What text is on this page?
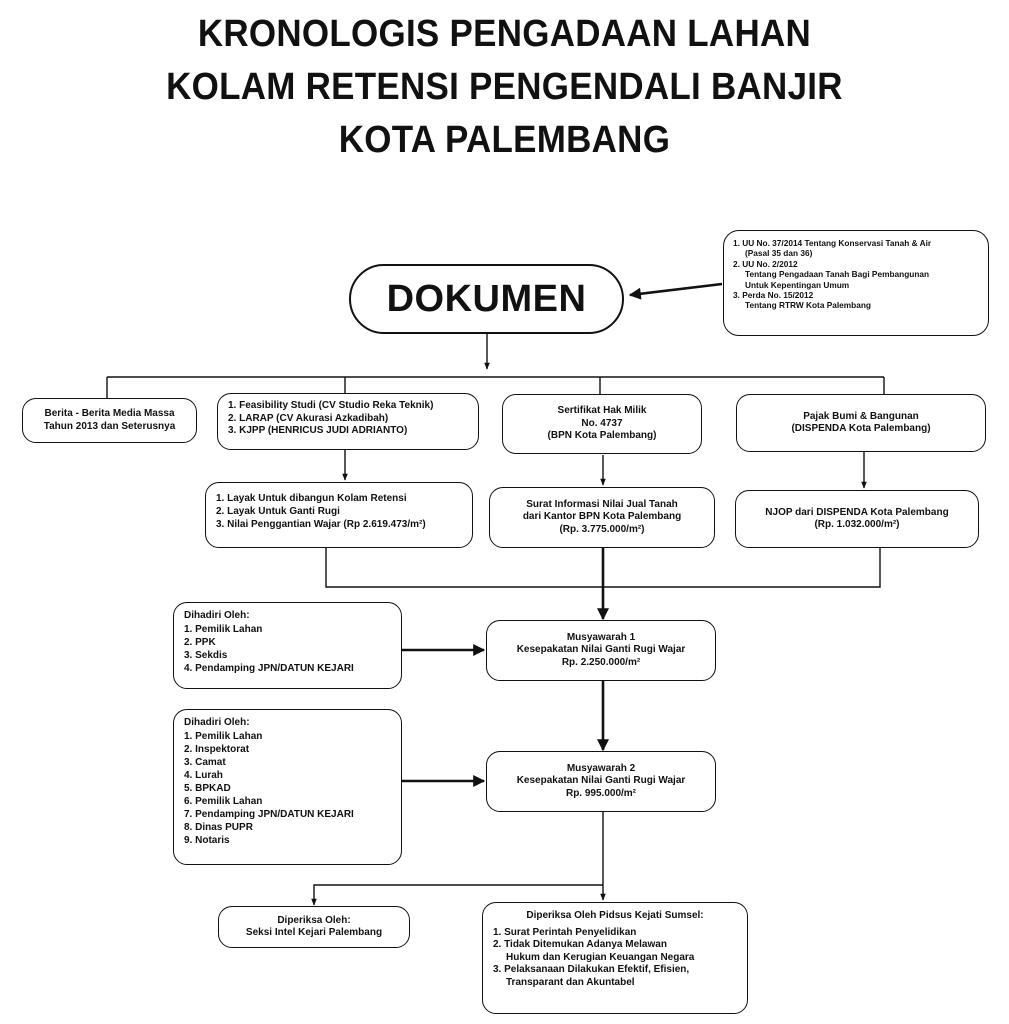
KRONOLOGIS PENGADAAN LAHAN
KOLAM RETENSI PENGENDALI BANJIR
KOTA PALEMBANG
DOKUMEN
1. UU No. 37/2014 Tentang Konservasi Tanah & Air
(Pasal 35 dan 36)
2. UU No. 2/2012
Tentang Pengadaan Tanah Bagi Pembangunan
Untuk Kepentingan Umum
3. Perda No. 15/2012
Tentang RTRW Kota Palembang
Berita - Berita Media Massa
Tahun 2013 dan Seterusnya
1. Feasibility Studi (CV Studio Reka Teknik)
2. LARAP (CV Akurasi Azkadibah)
3. KJPP (HENRICUS JUDI ADRIANTO)
Sertifikat Hak Milik
No. 4737
(BPN Kota Palembang)
Pajak Bumi & Bangunan
(DISPENDA Kota Palembang)
1. Layak Untuk dibangun Kolam Retensi
2. Layak Untuk Ganti Rugi
3. Nilai Penggantian Wajar (Rp 2.619.473/m²)
Surat Informasi Nilai Jual Tanah
dari Kantor BPN Kota Palembang
(Rp. 3.775.000/m²)
NJOP dari DISPENDA Kota Palembang
(Rp. 1.032.000/m²)
Dihadiri Oleh:
1. Pemilik Lahan
2. PPK
3. Sekdis
4. Pendamping JPN/DATUN KEJARI
Musyawarah 1
Kesepakatan Nilai Ganti Rugi Wajar
Rp. 2.250.000/m²
Dihadiri Oleh:
1. Pemilik Lahan
2. Inspektorat
3. Camat
4. Lurah
5. BPKAD
6. Pemilik Lahan
7. Pendamping JPN/DATUN KEJARI
8. Dinas PUPR
9. Notaris
Musyawarah 2
Kesepakatan Nilai Ganti Rugi Wajar
Rp. 995.000/m²
Diperiksa Oleh:
Seksi Intel Kejari Palembang
Diperiksa Oleh Pidsus Kejati Sumsel:
1. Surat Perintah Penyelidikan
2. Tidak Ditemukan Adanya Melawan
Hukum dan Kerugian Keuangan Negara
3. Pelaksanaan Dilakukan Efektif, Efisien,
Transparant dan Akuntabel
